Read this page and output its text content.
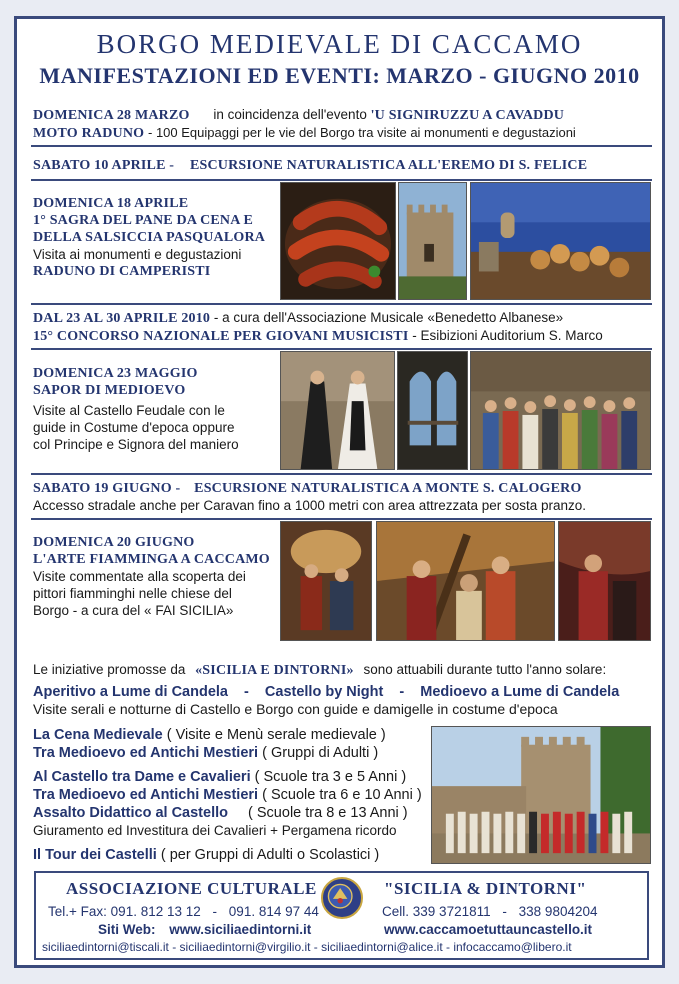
BORGO MEDIEVALE DI CACCAMO
MANIFESTAZIONI ED EVENTI: MARZO - GIUGNO 2010
DOMENICA 28 MARZO in coincidenza dell'evento 'U SIGNIRUZZU A CAVADDU
MOTO RADUNO - 100 Equipaggi per le vie del Borgo tra visite ai monumenti e degustazioni
SABATO 10 APRILE - ESCURSIONE NATURALISTICA ALL'EREMO DI S. FELICE
DOMENICA 18 APRILE
1° SAGRA DEL PANE DA CENA E
DELLA SALSICCIA PASQUALORA
Visita ai monumenti e degustazioni
RADUNO DI CAMPERISTI
DAL 23 AL 30 APRILE 2010 - a cura dell'Associazione Musicale «Benedetto Albanese»
15° CONCORSO NAZIONALE PER GIOVANI MUSICISTI - Esibizioni Auditorium S. Marco
DOMENICA 23 MAGGIO
SAPOR DI MEDIOEVO
Visite al Castello Feudale con le
guide in Costume d'epoca oppure
col Principe e Signora del maniero
SABATO 19 GIUGNO - ESCURSIONE NATURALISTICA A MONTE S. CALOGERO
Accesso stradale anche per Caravan fino a 1000 metri con area attrezzata per sosta pranzo.
DOMENICA 20 GIUGNO
L'ARTE FIAMMINGA A CACCAMO
Visite commentate alla scoperta dei
pittori fiamminghi nelle chiese del
Borgo - a cura del « FAI SICILIA»
Le iniziative promosse da «SICILIA E DINTORNI» sono attuabili durante tutto l'anno solare:
Aperitivo a Lume di Candela - Castello by Night - Medioevo a Lume di Candela
Visite serali e notturne di Castello e Borgo con guide e damigelle in costume d'epoca
La Cena Medievale ( Visite e Menù serale medievale )
Tra Medioevo ed Antichi Mestieri ( Gruppi di Adulti )
Al Castello tra Dame e Cavalieri ( Scuole tra 3 e 5 Anni )
Tra Medioevo ed Antichi Mestieri ( Scuole tra 6 e 10 Anni )
Assalto Didattico al Castello ( Scuole tra 8 e 13 Anni )
Giuramento ed Investitura dei Cavalieri + Pergamena ricordo
Il Tour dei Castelli ( per Gruppi di Adulti o Scolastici )
ASSOCIAZIONE CULTURALE	"SICILIA & DINTORNI"
Tel.+ Fax: 091. 812 13 12 - 091. 814 97 44	Cell. 339 3721811 - 338 9804204
Siti Web: www.siciliaedintorni.it	www.caccamoetuttauncastello.it
siciliaedintorni@tiscali.it - siciliaedintorni@virgilio.it - siciliaedintorni@alice.it - infocaccamo@libero.it
